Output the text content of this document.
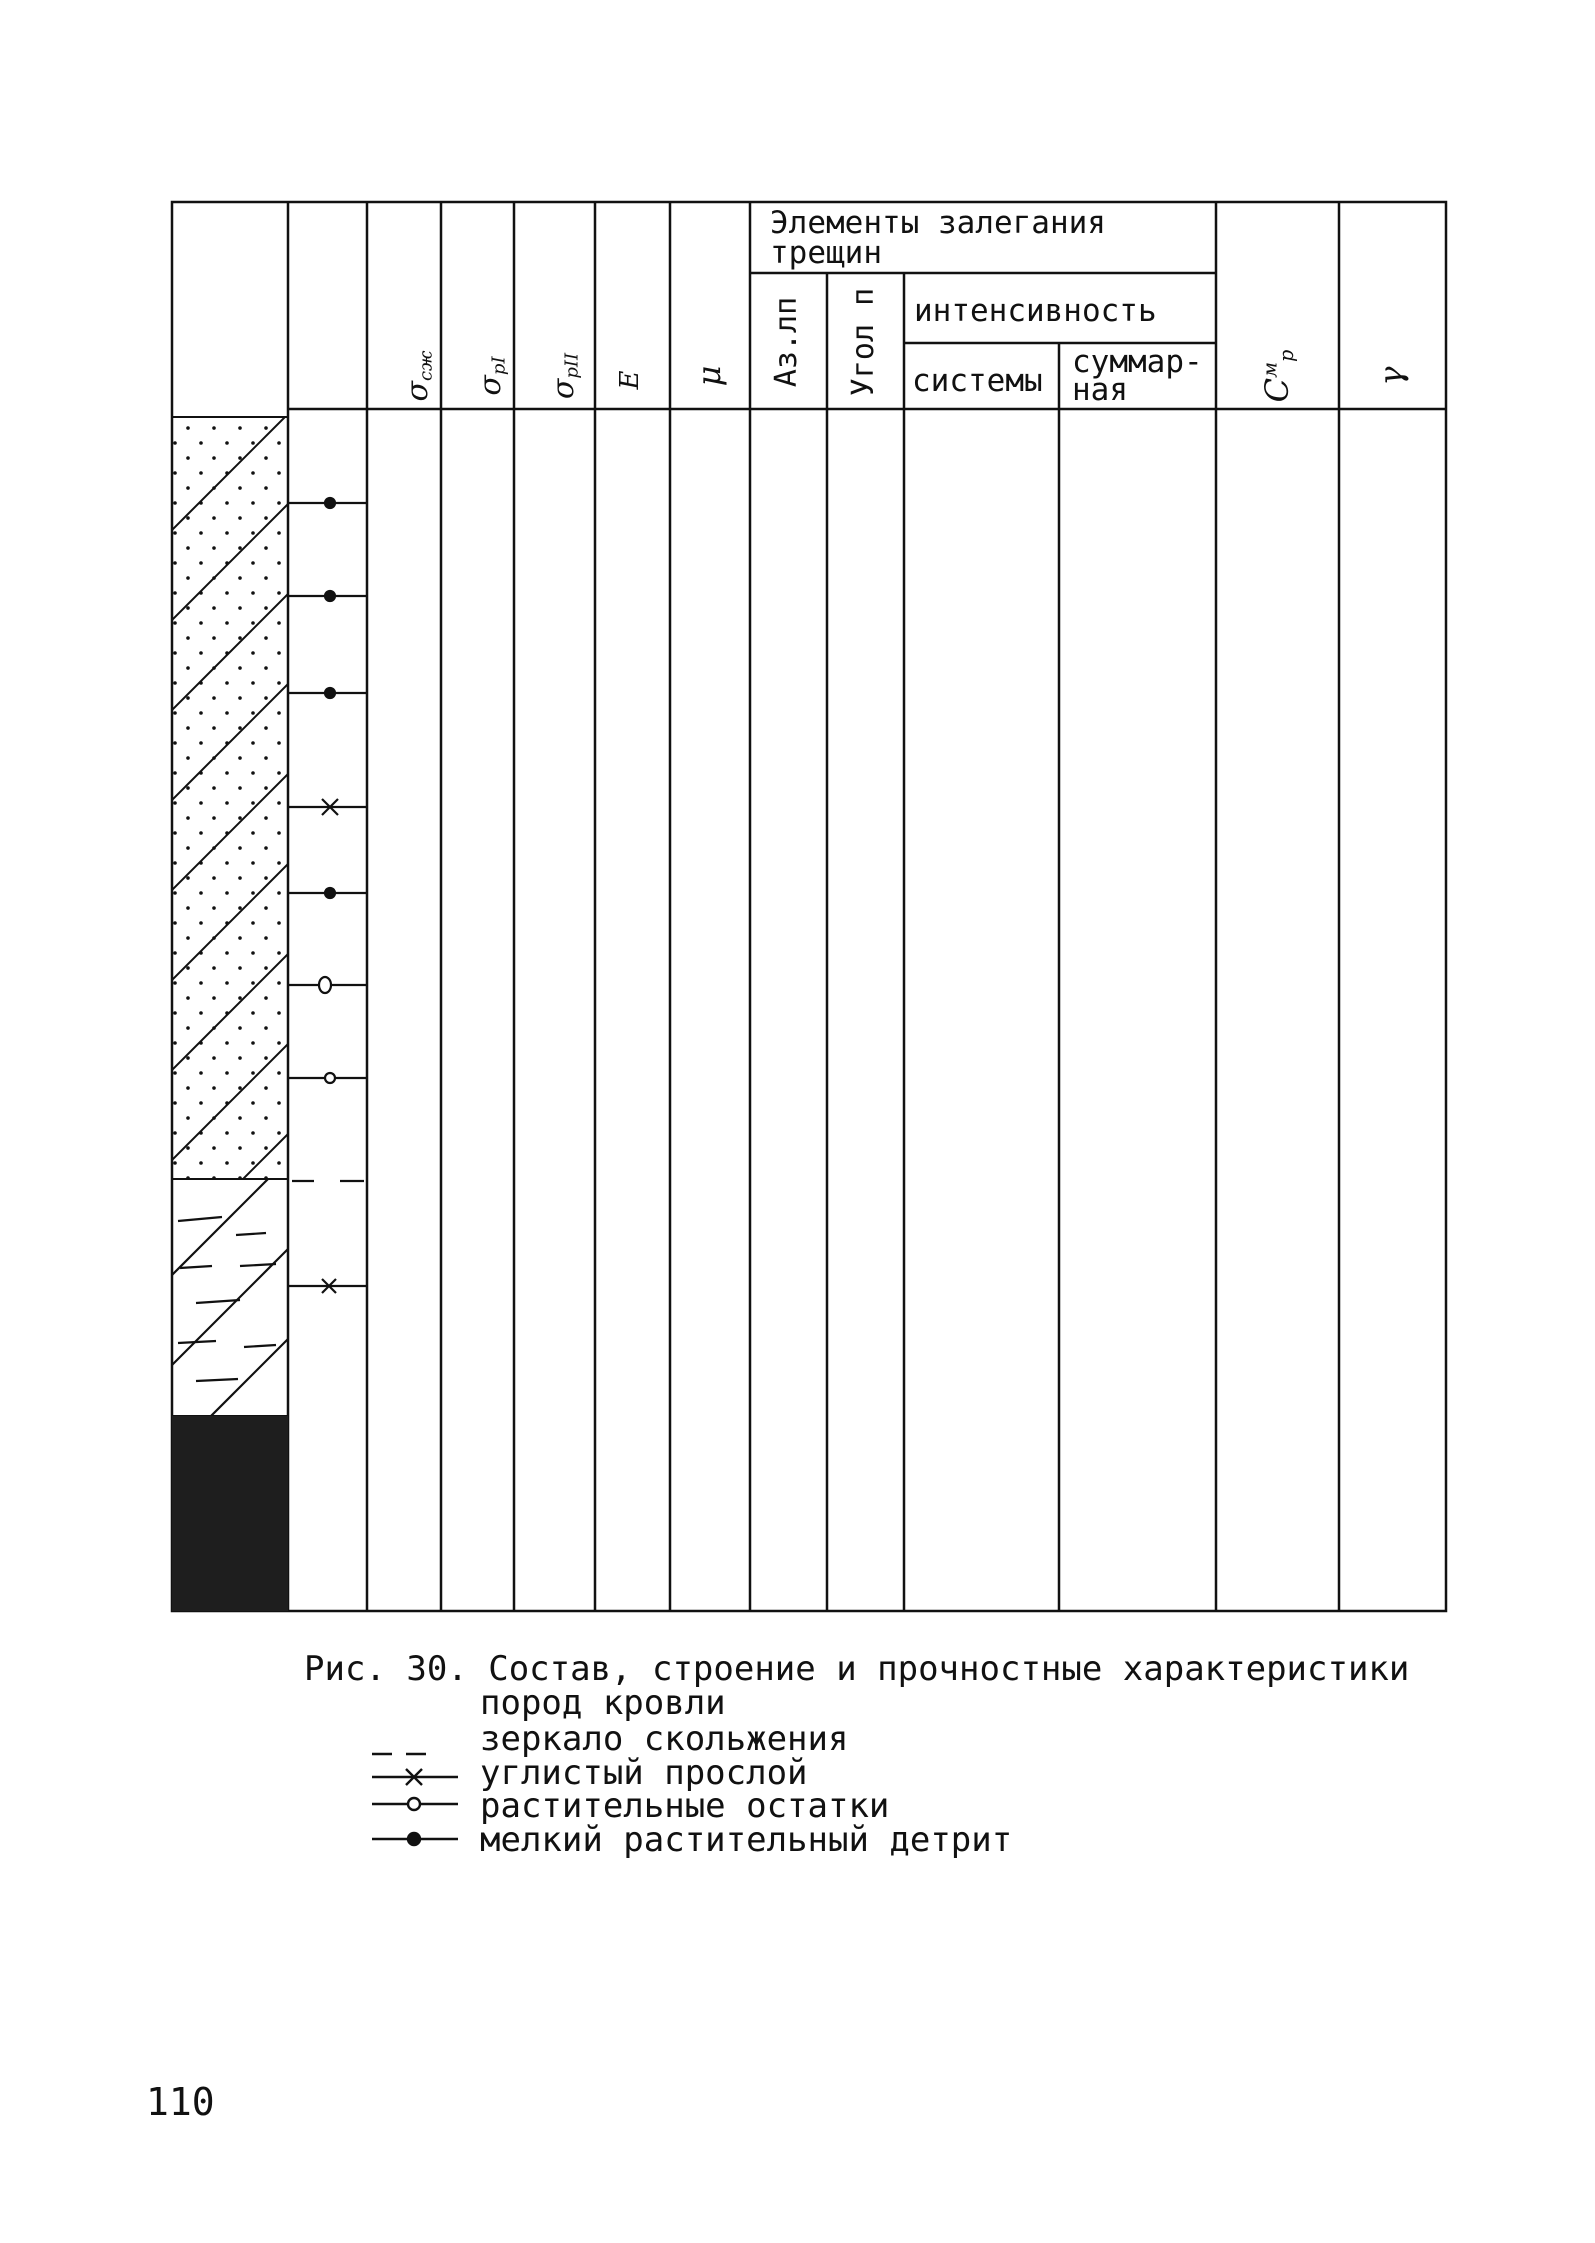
$\sigma_{сж}$
$\sigma_{pI}$
$\sigma_{pII}$
E	μ
Элементы залегания трещин
Аз.лп Угол п интенсивность
системы
суммар-ная	$C^м_р$
γ
Рис. 30. Состав, строение и прочностные характеристики
пород кровли
зеркало скольжения
углистый прослой
растительные остатки
мелкий растительный детрит
110
